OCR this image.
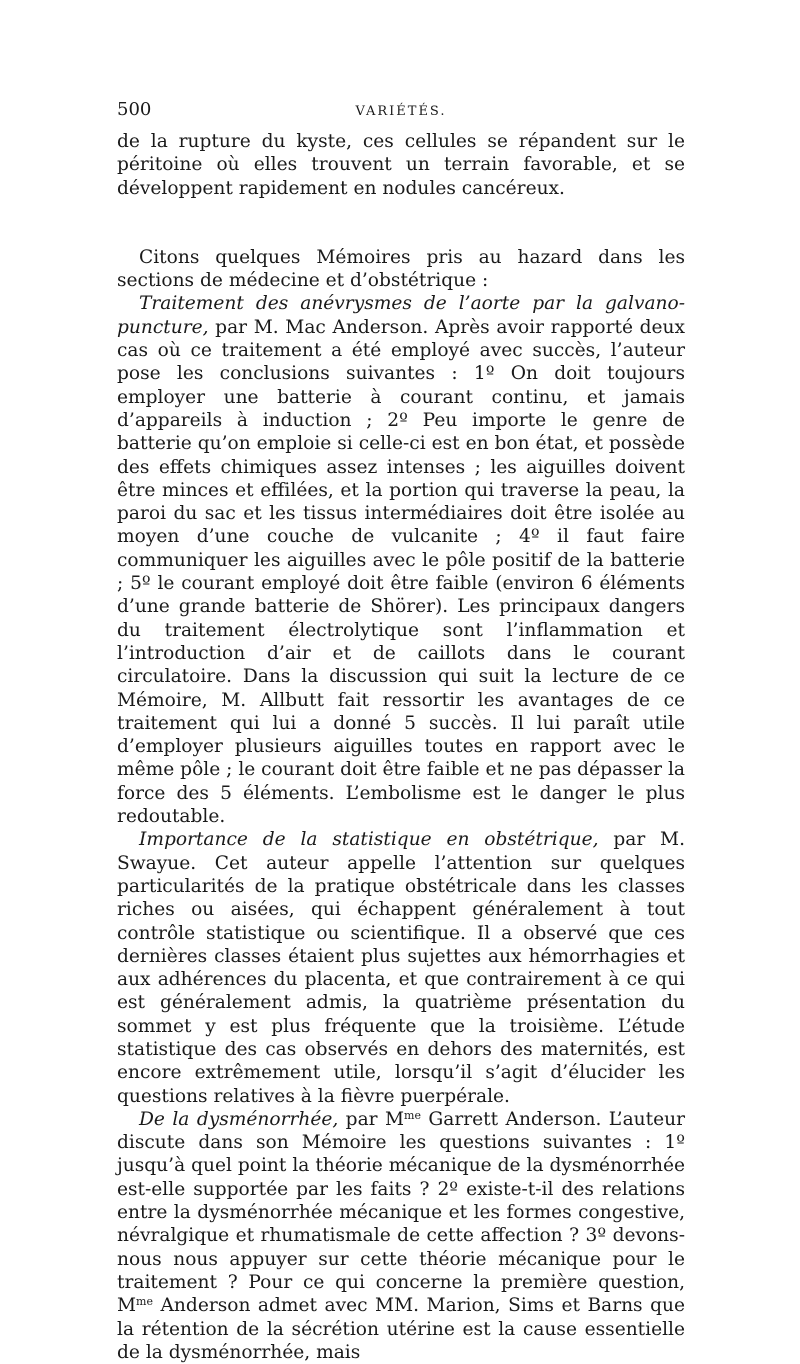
500	VARIÉTÉS.

de la rupture du kyste, ces cellules se répandent sur le péritoine où elles trouvent un terrain favorable, et se développent rapidement en nodules cancéreux.

Citons quelques Mémoires pris au hazard dans les sections de médecine et d’obstétrique :

Traitement des anévrysmes de l’aorte par la galvano-puncture, par M. Mac Anderson. Après avoir rapporté deux cas où ce traitement a été employé avec succès, l’auteur pose les conclusions suivantes : 1º On doit toujours employer une batterie à courant continu, et jamais d’appareils à induction ; 2º Peu importe le genre de batterie qu’on emploie si celle-ci est en bon état, et possède des effets chimiques assez intenses ; les aiguilles doivent être minces et effilées, et la portion qui traverse la peau, la paroi du sac et les tissus intermédiaires doit être isolée au moyen d’une couche de vulcanite ; 4º il faut faire communiquer les aiguilles avec le pôle positif de la batterie ; 5º le courant employé doit être faible (environ 6 éléments d’une grande batterie de Shörer). Les principaux dangers du traitement électrolytique sont l’inflammation et l’introduction d’air et de caillots dans le courant circulatoire. Dans la discussion qui suit la lecture de ce Mémoire, M. Allbutt fait ressortir les avantages de ce traitement qui lui a donné 5 succès. Il lui paraît utile d’employer plusieurs aiguilles toutes en rapport avec le même pôle ; le courant doit être faible et ne pas dépasser la force des 5 éléments. L’embolisme est le danger le plus redoutable.

Importance de la statistique en obstétrique, par M. Swayue. Cet auteur appelle l’attention sur quelques particularités de la pratique obstétricale dans les classes riches ou aisées, qui échappent généralement à tout contrôle statistique ou scientifique. Il a observé que ces dernières classes étaient plus sujettes aux hémorrhagies et aux adhérences du placenta, et que contrairement à ce qui est généralement admis, la quatrième présentation du sommet y est plus fréquente que la troisième. L’étude statistique des cas observés en dehors des maternités, est encore extrêmement utile, lorsqu’il s’agit d’élucider les questions relatives à la fièvre puerpérale.

De la dysménorrhée, par $M^{me}$ Garrett Anderson. L’auteur discute dans son Mémoire les questions suivantes : 1º jusqu’à quel point la théorie mécanique de la dysménorrhée est-elle supportée par les faits ? 2º existe-t-il des relations entre la dysménorrhée mécanique et les formes congestive, névralgique et rhumatismale de cette affection ? 3º devons-nous nous appuyer sur cette théorie mécanique pour le traitement ? Pour ce qui concerne la première question, $M^{me}$ Anderson admet avec MM. Marion, Sims et Barns que la rétention de la sécrétion utérine est la cause essentielle de la dysménorrhée, mais
